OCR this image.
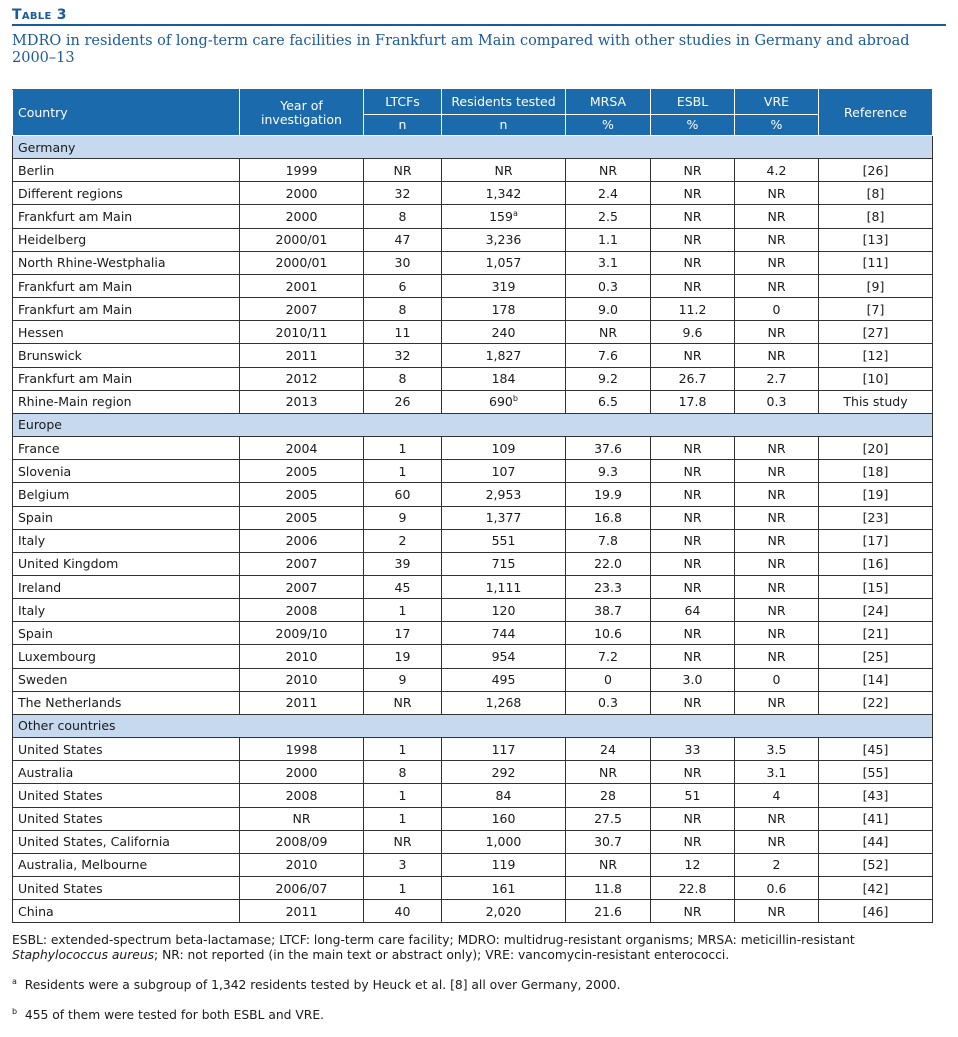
Table 3
MDRO in residents of long-term care facilities in Frankfurt am Main compared with other studies in Germany and abroad 2000–13
Country	Year of investigation	LTCFs	Residents tested	MRSA	ESBL	VRE	Reference
		n	n	%	%	%	
Germany							
Berlin	1999	NR	NR	NR	NR	4.2	[26]
Different regions	2000	32	1,342	2.4	NR	NR	[8]
Frankfurt am Main	2000	8	159$^a$	2.5	NR	NR	[8]
Heidelberg	2000/01	47	3,236	1.1	NR	NR	[13]
North Rhine-Westphalia	2000/01	30	1,057	3.1	NR	NR	[11]
Frankfurt am Main	2001	6	319	0.3	NR	NR	[9]
Frankfurt am Main	2007	8	178	9.0	11.2	0	[7]
Hessen	2010/11	11	240	NR	9.6	NR	[27]
Brunswick	2011	32	1,827	7.6	NR	NR	[12]
Frankfurt am Main	2012	8	184	9.2	26.7	2.7	[10]
Rhine-Main region	2013	26	690$^b$	6.5	17.8	0.3	This study
Europe							
France	2004	1	109	37.6	NR	NR	[20]
Slovenia	2005	1	107	9.3	NR	NR	[18]
Belgium	2005	60	2,953	19.9	NR	NR	[19]
Spain	2005	9	1,377	16.8	NR	NR	[23]
Italy	2006	2	551	7.8	NR	NR	[17]
United Kingdom	2007	39	715	22.0	NR	NR	[16]
Ireland	2007	45	1,111	23.3	NR	NR	[15]
Italy	2008	1	120	38.7	64	NR	[24]
Spain	2009/10	17	744	10.6	NR	NR	[21]
Luxembourg	2010	19	954	7.2	NR	NR	[25]
Sweden	2010	9	495	0	3.0	0	[14]
The Netherlands	2011	NR	1,268	0.3	NR	NR	[22]
Other countries							
United States	1998	1	117	24	33	3.5	[45]
Australia	2000	8	292	NR	NR	3.1	[55]
United States	2008	1	84	28	51	4	[43]
United States	NR	1	160	27.5	NR	NR	[41]
United States, California	2008/09	NR	1,000	30.7	NR	NR	[44]
Australia, Melbourne	2010	3	119	NR	12	2	[52]
United States	2006/07	1	161	11.8	22.8	0.6	[42]
China	2011	40	2,020	21.6	NR	NR	[46]

ESBL: extended-spectrum beta-lactamase; LTCF: long-term care facility; MDRO: multidrug-resistant organisms; MRSA: meticillin-resistant Staphylococcus aureus; NR: not reported (in the main text or abstract only); VRE: vancomycin-resistant enterococci.

$^a$ Residents were a subgroup of 1,342 residents tested by Heuck et al. [8] all over Germany, 2000.

$^b$ 455 of them were tested for both ESBL and VRE.
